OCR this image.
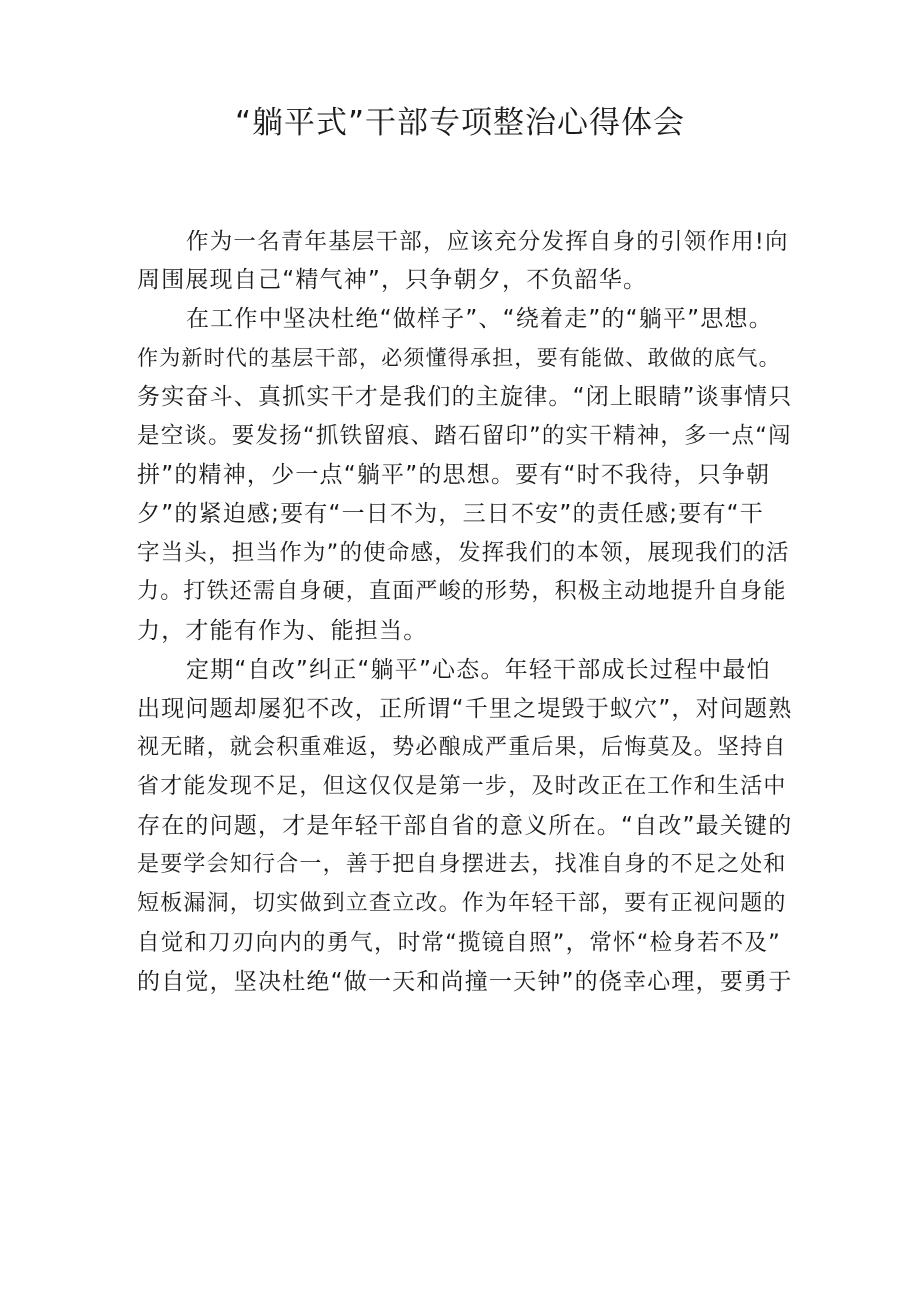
“躺平式”干部专项整治心得体会

作为一名青年基层干部，应该充分发挥自身的引领作用!向

周围展现自己“精气神”，只争朝夕，不负韶华。

在工作中坚决杜绝“做样子”、“绕着走”的“躺平”思想。

作为新时代的基层干部，必须懂得承担，要有能做、敢做的底气。

务实奋斗、真抓实干才是我们的主旋律。“闭上眼睛”谈事情只

是空谈。要发扬“抓铁留痕、踏石留印”的实干精神，多一点“闯

拼”的精神，少一点“躺平”的思想。要有“时不我待，只争朝

夕”的紧迫感;要有“一日不为，三日不安”的责任感;要有“干

字当头，担当作为”的使命感，发挥我们的本领，展现我们的活

力。打铁还需自身硬，直面严峻的形势，积极主动地提升自身能

力，才能有作为、能担当。

定期“自改”纠正“躺平”心态。年轻干部成长过程中最怕

出现问题却屡犯不改，正所谓“千里之堤毁于蚁穴”，对问题熟

视无睹，就会积重难返，势必酿成严重后果，后悔莫及。坚持自

省才能发现不足，但这仅仅是第一步，及时改正在工作和生活中

存在的问题，才是年轻干部自省的意义所在。“自改”最关键的

是要学会知行合一，善于把自身摆进去，找准自身的不足之处和

短板漏洞，切实做到立查立改。作为年轻干部，要有正视问题的

自觉和刀刃向内的勇气，时常“揽镜自照”，常怀“检身若不及”

的自觉，坚决杜绝“做一天和尚撞一天钟”的侥幸心理，要勇于
